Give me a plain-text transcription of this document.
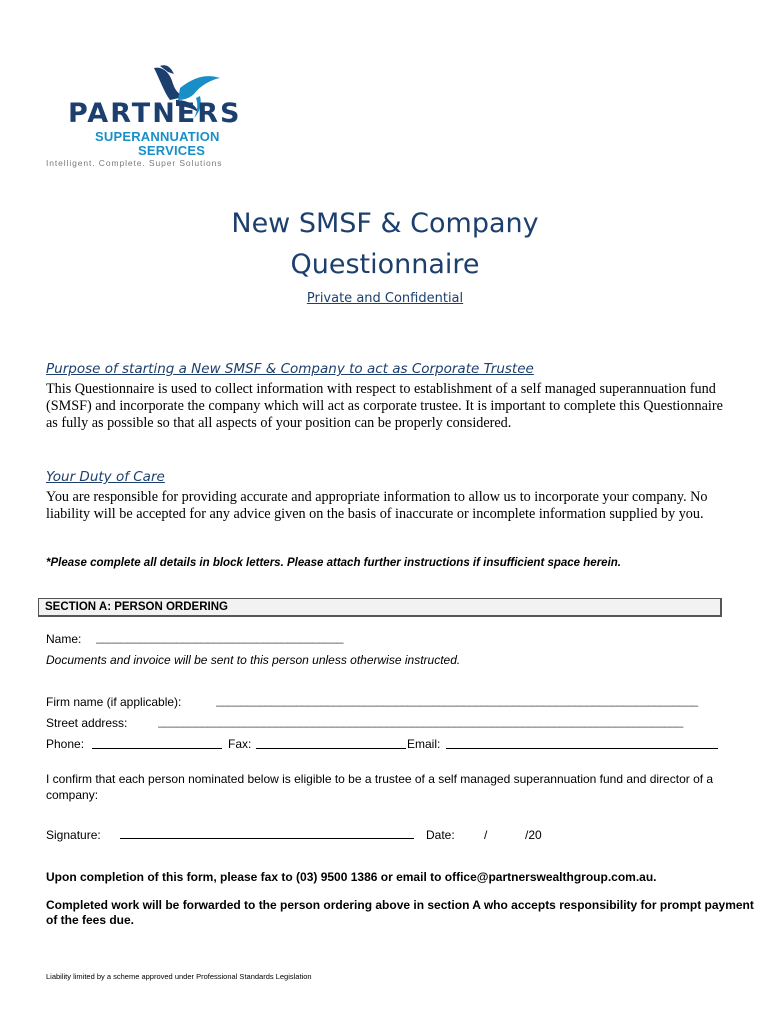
PARTNERS
SUPERANNUATION
SERVICES
Intelligent. Complete. Super Solutions
New SMSF & Company
Questionnaire
Private and Confidential
Purpose of starting a New SMSF & Company to act as Corporate Trustee
This Questionnaire is used to collect information with respect to establishment of a self managed superannuation fund (SMSF) and incorporate the company which will act as corporate trustee. It is important to complete this Questionnaire as fully as possible so that all aspects of your position can be properly considered.
Your Duty of Care
You are responsible for providing accurate and appropriate information to allow us to incorporate your company. No liability will be accepted for any advice given on the basis of inaccurate or incomplete information supplied by you.
*Please complete all details in block letters. Please attach further instructions if insufficient space herein.
SECTION A: PERSON ORDERING
Name: ________________________________________
Documents and invoice will be sent to this person unless otherwise instructed.
Firm name (if applicable):	______________________________________________________________________________
Street address:	_____________________________________________________________________________________
Phone:	Fax:	Email:
I confirm that each person nominated below is eligible to be a trustee of a self managed superannuation fund and director of a company:
Signature:	Date: /	/20
Upon completion of this form, please fax to (03) 9500 1386 or email to office@partnerswealthgroup.com.au.
Completed work will be forwarded to the person ordering above in section A who accepts responsibility for prompt payment of the fees due.
Liability limited by a scheme approved under Professional Standards Legislation
